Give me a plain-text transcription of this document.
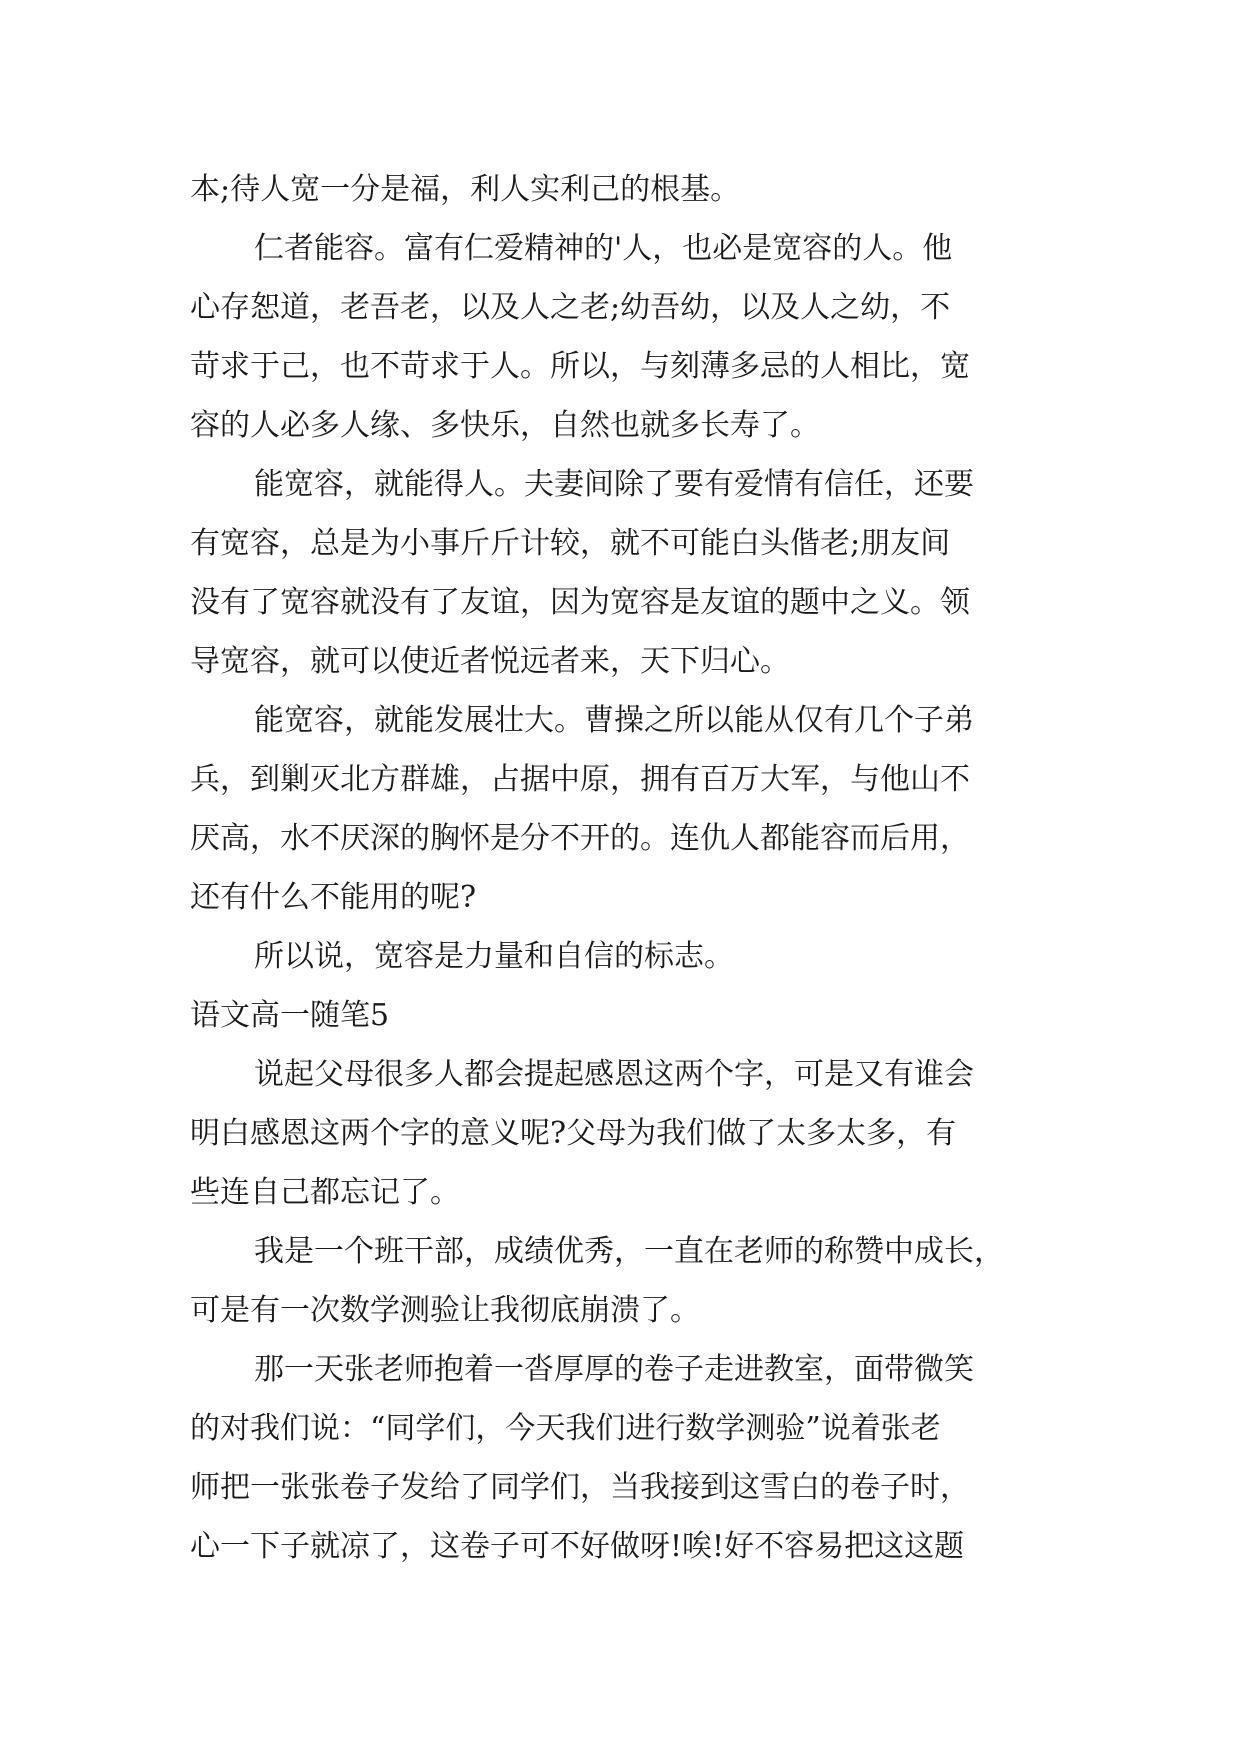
本;待人宽一分是福，利人实利己的根基。
仁者能容。富有仁爱精神的'人，也必是宽容的人。他
心存恕道，老吾老，以及人之老;幼吾幼，以及人之幼，不
苛求于己，也不苛求于人。所以，与刻薄多忌的人相比，宽
容的人必多人缘、多快乐，自然也就多长寿了。
能宽容，就能得人。夫妻间除了要有爱情有信任，还要
有宽容，总是为小事斤斤计较，就不可能白头偕老;朋友间
没有了宽容就没有了友谊，因为宽容是友谊的题中之义。领
导宽容，就可以使近者悦远者来，天下归心。
能宽容，就能发展壮大。曹操之所以能从仅有几个子弟
兵，到剿灭北方群雄，占据中原，拥有百万大军，与他山不
厌高，水不厌深的胸怀是分不开的。连仇人都能容而后用，
还有什么不能用的呢?
所以说，宽容是力量和自信的标志。
语文高一随笔5
说起父母很多人都会提起感恩这两个字，可是又有谁会
明白感恩这两个字的意义呢?父母为我们做了太多太多，有
些连自己都忘记了。
我是一个班干部，成绩优秀，一直在老师的称赞中成长，
可是有一次数学测验让我彻底崩溃了。
那一天张老师抱着一沓厚厚的卷子走进教室，面带微笑
的对我们说：“同学们，今天我们进行数学测验”说着张老
师把一张张卷子发给了同学们，当我接到这雪白的卷子时，
心一下子就凉了，这卷子可不好做呀!唉!好不容易把这这题
